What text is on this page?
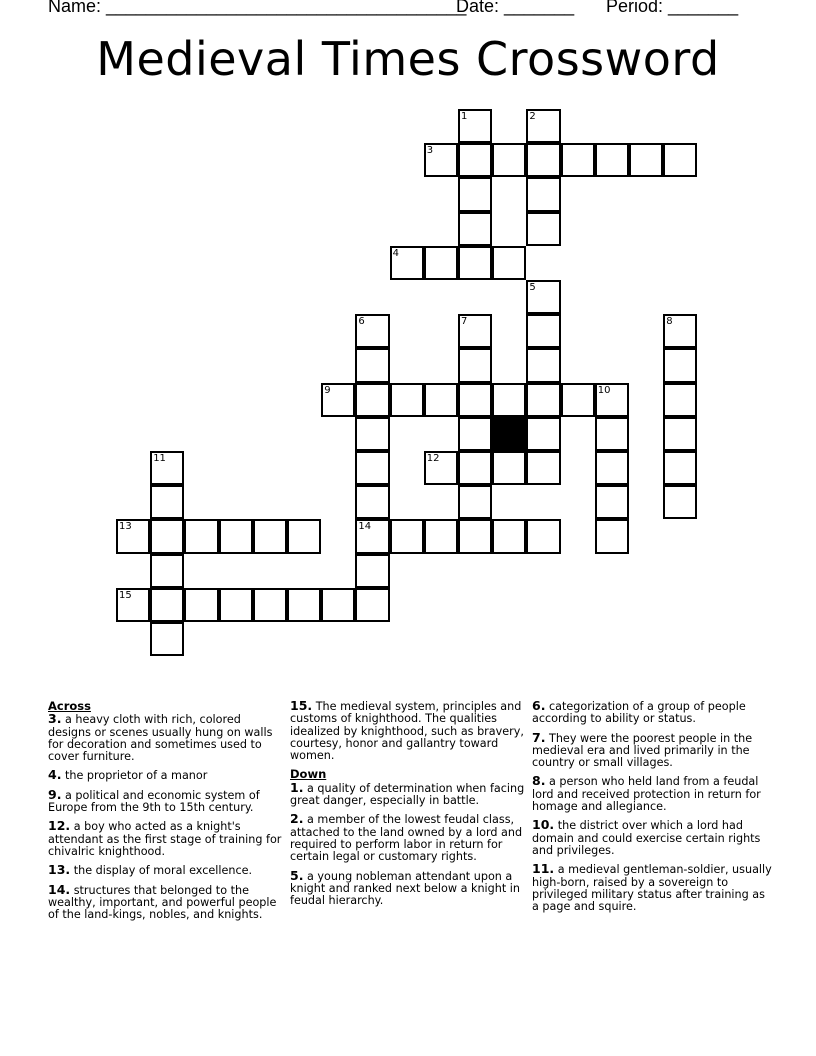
Name: ____________________________________
Date: _______ Period: _______
Medieval Times Crossword
1	2
3
4
5
6	7	8
9	10
11	12
13	14
15
Across
3. a heavy cloth with rich, colored designs or scenes usually hung on walls for decoration and sometimes used to cover furniture.
4. the proprietor of a manor
9. a political and economic system of Europe from the 9th to 15th century.
12. a boy who acted as a knight's attendant as the first stage of training for chivalric knighthood.
13. the display of moral excellence.
14. structures that belonged to the wealthy, important, and powerful people of the land-kings, nobles, and knights.
15. The medieval system, principles and customs of knighthood. The qualities idealized by knighthood, such as bravery, courtesy, honor and gallantry toward women.
Down
1. a quality of determination when facing great danger, especially in battle.
2. a member of the lowest feudal class, attached to the land owned by a lord and required to perform labor in return for certain legal or customary rights.
5. a young nobleman attendant upon a knight and ranked next below a knight in feudal hierarchy.
6. categorization of a group of people according to ability or status.
7. They were the poorest people in the medieval era and lived primarily in the country or small villages.
8. a person who held land from a feudal lord and received protection in return for homage and allegiance.
10. the district over which a lord had domain and could exercise certain rights and privileges.
11. a medieval gentleman-soldier, usually high-born, raised by a sovereign to privileged military status after training as a page and squire.
